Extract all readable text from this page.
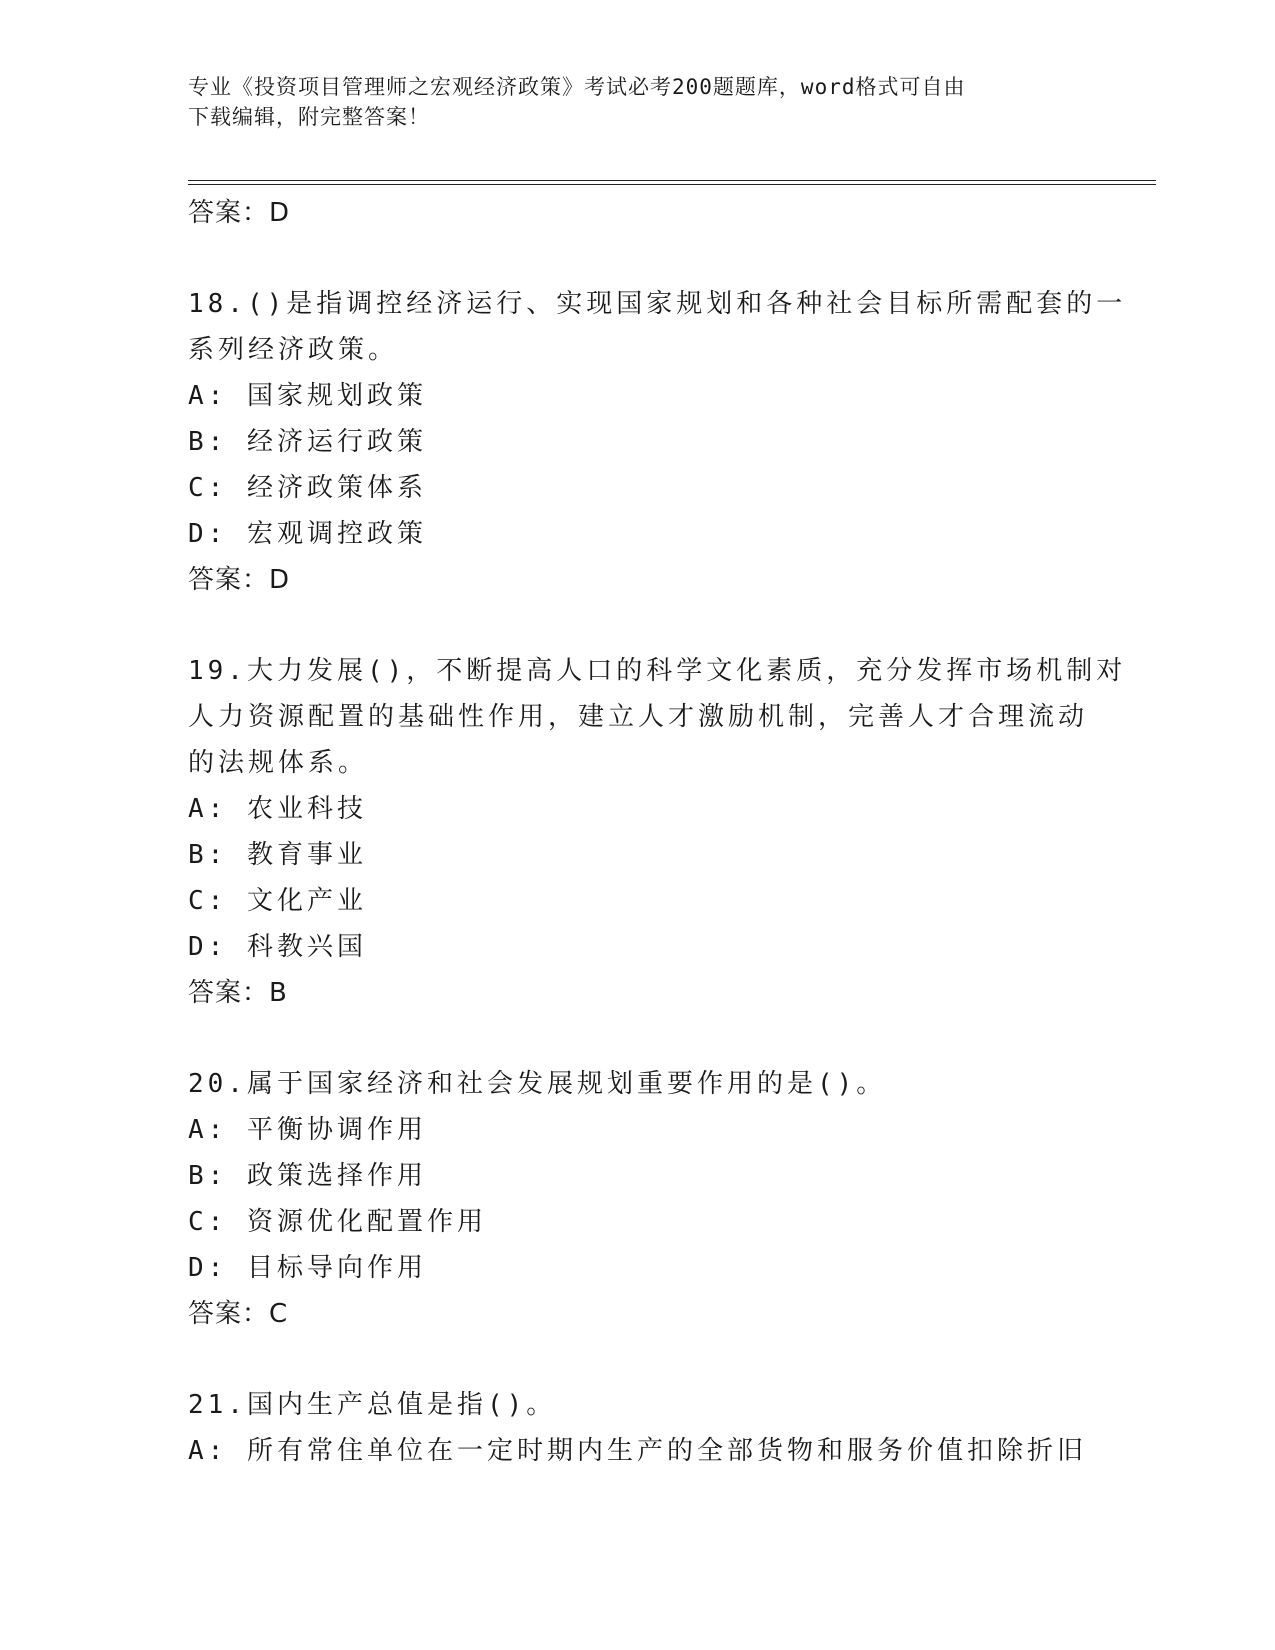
专业《投资项目管理师之宏观经济政策》考试必考200题题库，word格式可自由
下载编辑，附完整答案！
答案：D
18.()是指调控经济运行、实现国家规划和各种社会目标所需配套的一
系列经济政策。
A: 国家规划政策
B: 经济运行政策
C: 经济政策体系
D: 宏观调控政策
答案：D
19.大力发展()，不断提高人口的科学文化素质，充分发挥市场机制对
人力资源配置的基础性作用，建立人才激励机制，完善人才合理流动
的法规体系。
A: 农业科技
B: 教育事业
C: 文化产业
D: 科教兴国
答案：B
20.属于国家经济和社会发展规划重要作用的是()。
A: 平衡协调作用
B: 政策选择作用
C: 资源优化配置作用
D: 目标导向作用
答案：C
21.国内生产总值是指()。
A: 所有常住单位在一定时期内生产的全部货物和服务价值扣除折旧
